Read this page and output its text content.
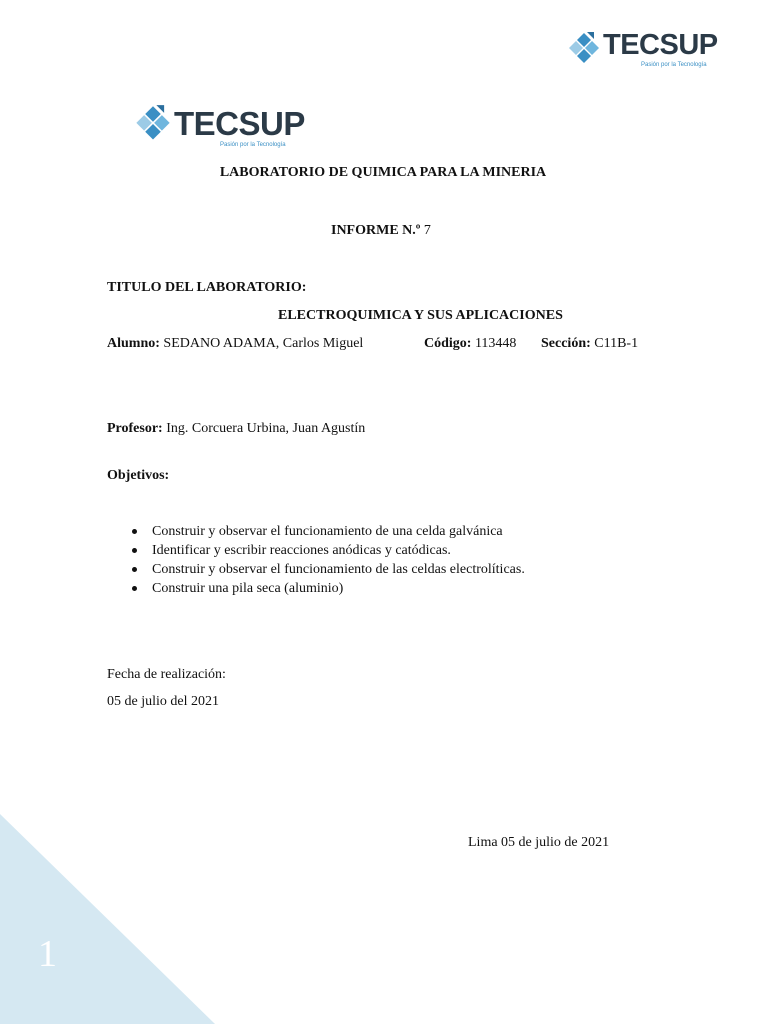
TECSUP
Pasión por la Tecnología
TECSUP
Pasión por la Tecnología
LABORATORIO DE QUIMICA PARA LA MINERIA
INFORME N.º 7
TITULO DEL LABORATORIO:
ELECTROQUIMICA Y SUS APLICACIONES
Alumno: SEDANO ADAMA, Carlos Miguel	Código: 113448 Sección: C11B-1
Profesor: Ing. Corcuera Urbina, Juan Agustín
Objetivos:
Construir y observar el funcionamiento de una celda galvánica
Identificar y escribir reacciones anódicas y catódicas.
Construir y observar el funcionamiento de las celdas electrolíticas.
Construir una pila seca (aluminio)
Fecha de realización:
05 de julio del 2021
Lima 05 de julio de 2021
1
